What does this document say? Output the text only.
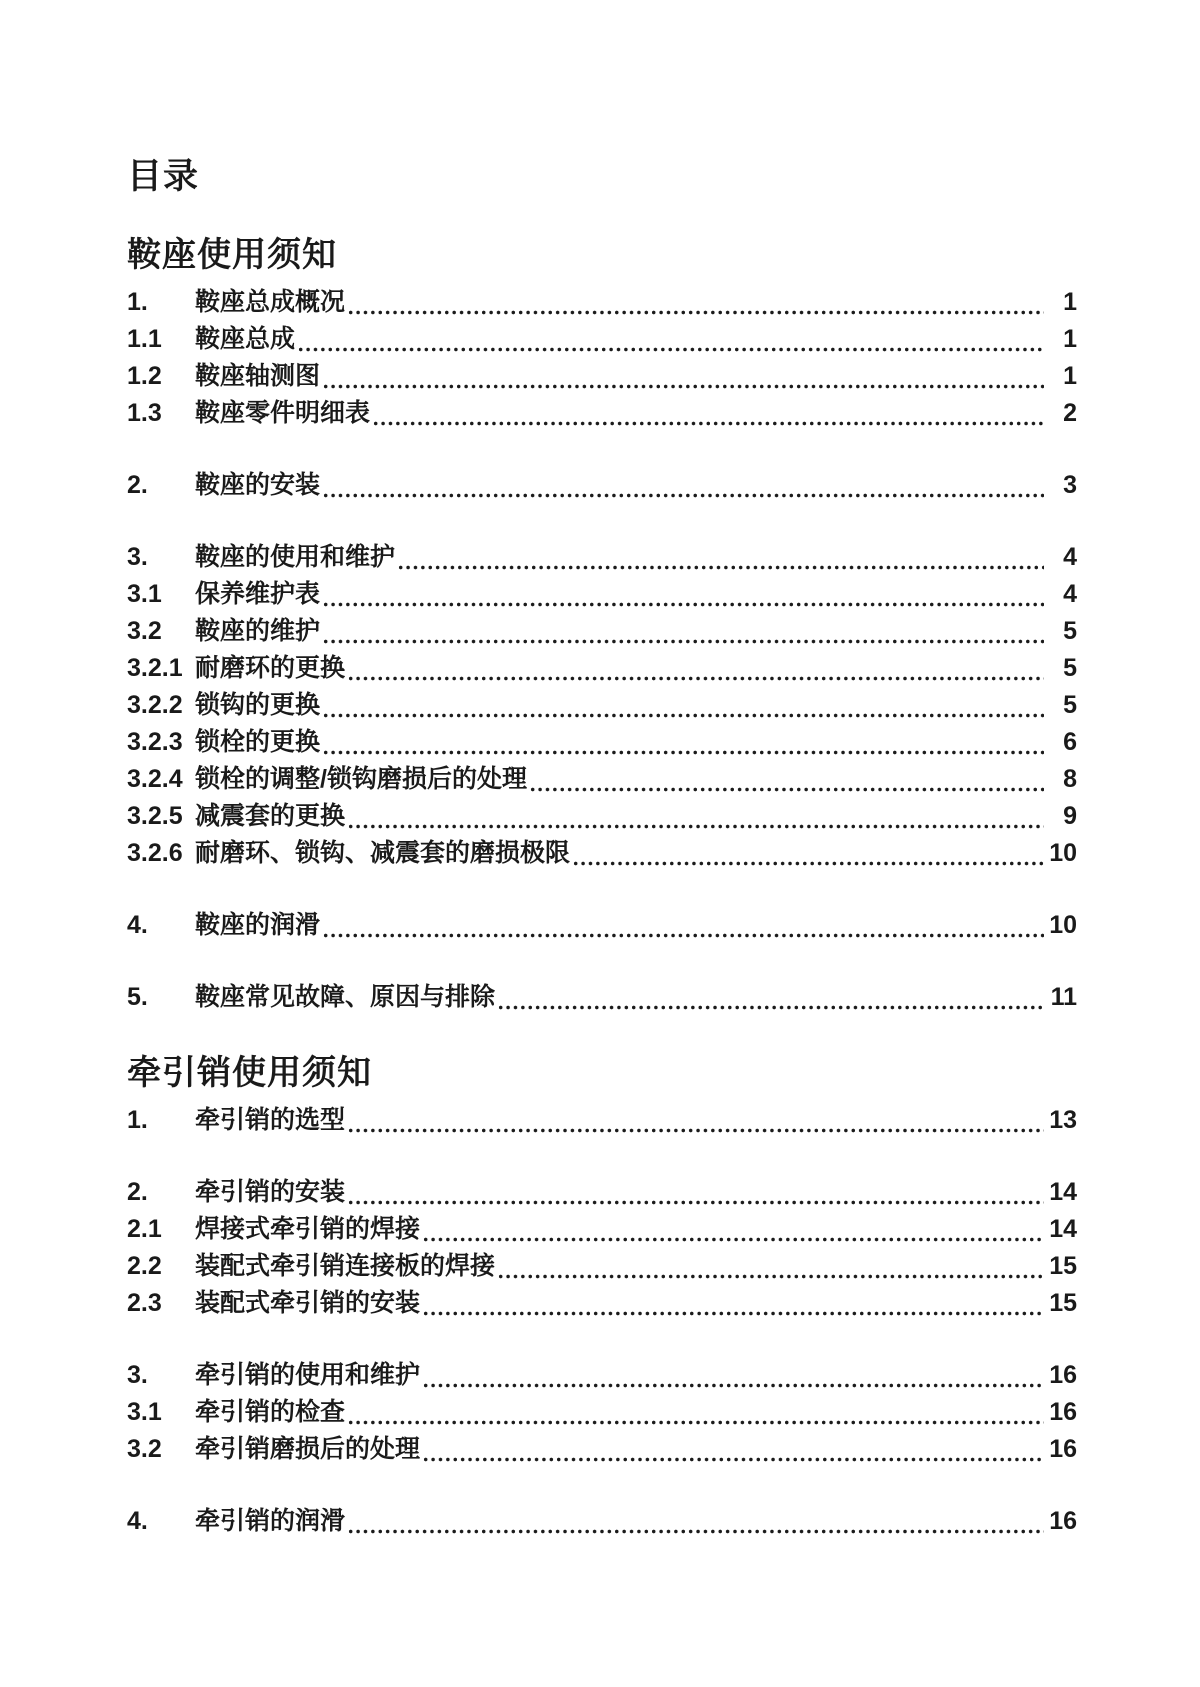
目录
鞍座使用须知
1.	鞍座总成概况	1
1.1	鞍座总成	1
1.2	鞍座轴测图	1
1.3	鞍座零件明细表	2
2.	鞍座的安装	3
3.	鞍座的使用和维护	4
3.1	保养维护表	4
3.2	鞍座的维护	5
3.2.1 耐磨环的更换	5
3.2.2 锁钩的更换	5
3.2.3 锁栓的更换	6
3.2.4 锁栓的调整/锁钩磨损后的处理	8
3.2.5 减震套的更换	9
3.2.6 耐磨环、锁钩、减震套的磨损极限	10
4.	鞍座的润滑	10
5.	鞍座常见故障、原因与排除	11
牵引销使用须知
1.	牵引销的选型	13
2.	牵引销的安装	14
2.1	焊接式牵引销的焊接	14
2.2	装配式牵引销连接板的焊接	15
2.3	装配式牵引销的安装	15
3.	牵引销的使用和维护	16
3.1	牵引销的检查	16
3.2	牵引销磨损后的处理	16
4.	牵引销的润滑	16
